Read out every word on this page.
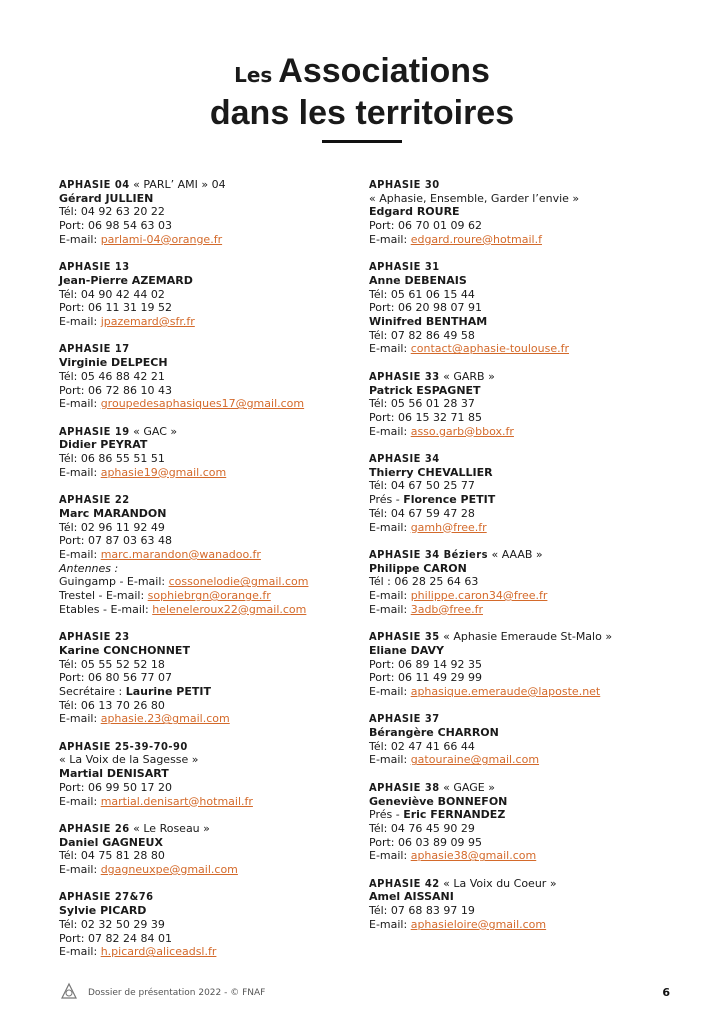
Les Associations
dans les territoires
APHASIE 04 « PARL’ AMI » 04
Gérard JULLIEN
Tél: 04 92 63 20 22
Port: 06 98 54 63 03
E-mail: parlami-04@orange.fr
APHASIE 13
Jean-Pierre AZEMARD
Tél: 04 90 42 44 02
Port: 06 11 31 19 52
E-mail: jpazemard@sfr.fr
APHASIE 17
Virginie DELPECH
Tél: 05 46 88 42 21
Port: 06 72 86 10 43
E-mail: groupedesaphasiques17@gmail.com
APHASIE 19 « GAC »
Didier PEYRAT
Tél: 06 86 55 51 51
E-mail: aphasie19@gmail.com
APHASIE 22
Marc MARANDON
Tél: 02 96 11 92 49
Port: 07 87 03 63 48
E-mail: marc.marandon@wanadoo.fr
Antennes :
Guingamp - E-mail: cossonelodie@gmail.com
Trestel - E-mail: sophiebrgn@orange.fr
Etables - E-mail: heleneleroux22@gmail.com
APHASIE 23
Karine CONCHONNET
Tél: 05 55 52 52 18
Port: 06 80 56 77 07
Secrétaire : Laurine PETIT
Tél: 06 13 70 26 80
E-mail: aphasie.23@gmail.com
APHASIE 25-39-70-90
« La Voix de la Sagesse »
Martial DENISART
Port: 06 99 50 17 20
E-mail: martial.denisart@hotmail.fr
APHASIE 26 « Le Roseau »
Daniel GAGNEUX
Tél: 04 75 81 28 80
E-mail: dgagneuxpe@gmail.com
APHASIE 27&76
Sylvie PICARD
Tél: 02 32 50 29 39
Port: 07 82 24 84 01
E-mail: h.picard@aliceadsl.fr
APHASIE 30
« Aphasie, Ensemble, Garder l’envie »
Edgard ROURE
Port: 06 70 01 09 62
E-mail: edgard.roure@hotmail.f
APHASIE 31
Anne DEBENAIS
Tél: 05 61 06 15 44
Port: 06 20 98 07 91
Winifred BENTHAM
Tél: 07 82 86 49 58
E-mail: contact@aphasie-toulouse.fr
APHASIE 33 « GARB »
Patrick ESPAGNET
Tél: 05 56 01 28 37
Port: 06 15 32 71 85
E-mail: asso.garb@bbox.fr
APHASIE 34
Thierry CHEVALLIER
Tél: 04 67 50 25 77
Prés - Florence PETIT
Tél: 04 67 59 47 28
E-mail: gamh@free.fr
APHASIE 34 Béziers « AAAB »
Philippe CARON
Tél : 06 28 25 64 63
E-mail: philippe.caron34@free.fr
E-mail: 3adb@free.fr
APHASIE 35 « Aphasie Emeraude St-Malo »
Eliane DAVY
Port: 06 89 14 92 35
Port: 06 11 49 29 99
E-mail: aphasique.emeraude@laposte.net
APHASIE 37
Bérangère CHARRON
Tél: 02 47 41 66 44
E-mail: gatouraine@gmail.com
APHASIE 38 « GAGE »
Geneviève BONNEFON
Prés - Eric FERNANDEZ
Tél: 04 76 45 90 29
Port: 06 03 89 09 95
E-mail: aphasie38@gmail.com
APHASIE 42 « La Voix du Coeur »
Amel AISSANI
Tél: 07 68 83 97 19
E-mail: aphasieloire@gmail.com
Dossier de présentation 2022 - © FNAF	6
